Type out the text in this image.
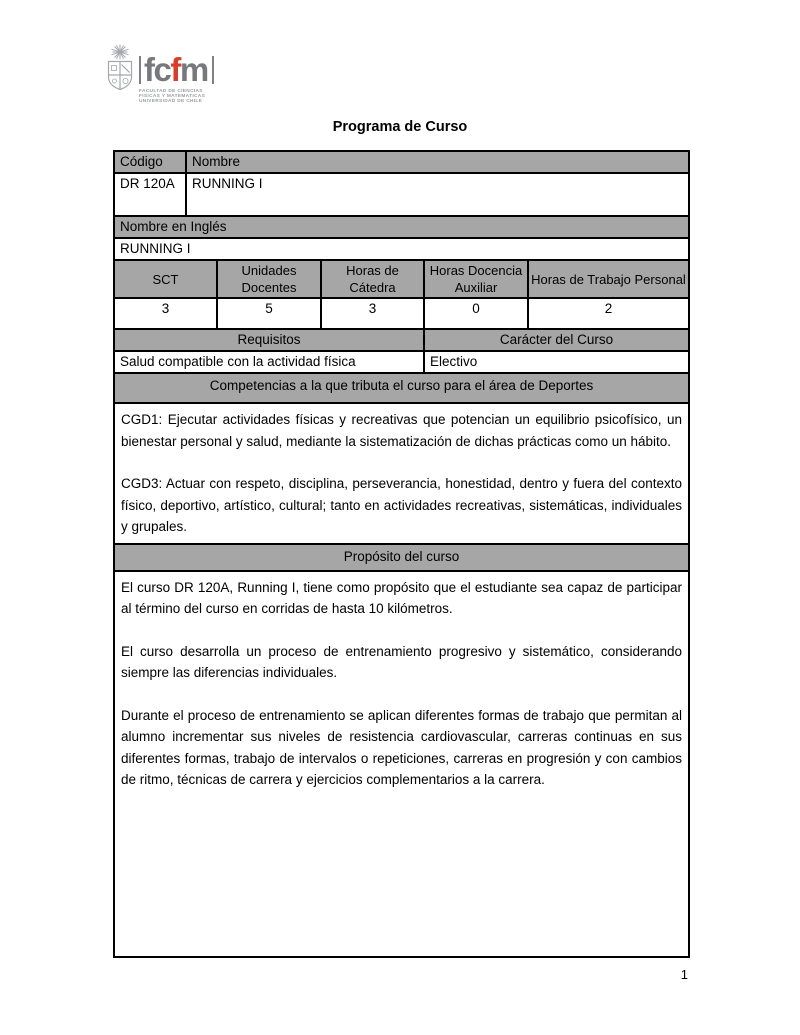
fcfm
FACULTAD DE CIENCIAS
FISICAS Y MATEMATICAS
UNIVERSIDAD DE CHILE
Programa de Curso
Código	Nombre				
DR 120A	RUNNING I				
Nombre en Inglés					
RUNNING I					
SCT		Unidades Docentes	Horas de Cátedra	Horas Docencia Auxiliar	Horas de Trabajo Personal
3		5	3	0	2
Requisitos				Carácter del Curso	
Salud compatible con la actividad física				Electivo	
Competencias a la que tributa el curso para el área de Deportes					

CGD1: Ejecutar actividades físicas y recreativas que potencian un equilibrio psicofísico, un bienestar personal y salud, mediante la sistematización de dichas prácticas como un hábito.

CGD3: Actuar con respeto, disciplina, perseverancia, honestidad, dentro y fuera del contexto físico, deportivo, artístico, cultural; tanto en actividades recreativas, sistemáticas, individuales y grupales.					

Propósito del curso					

El curso DR 120A, Running I, tiene como propósito que el estudiante sea capaz de participar al término del curso en corridas de hasta 10 kilómetros.

El curso desarrolla un proceso de entrenamiento progresivo y sistemático, considerando siempre las diferencias individuales.

Durante el proceso de entrenamiento se aplican diferentes formas de trabajo que permitan al alumno incrementar sus niveles de resistencia cardiovascular, carreras continuas en sus diferentes formas, trabajo de intervalos o repeticiones, carreras en progresión y con cambios de ritmo, técnicas de carrera y ejercicios complementarios a la carrera.					

1
